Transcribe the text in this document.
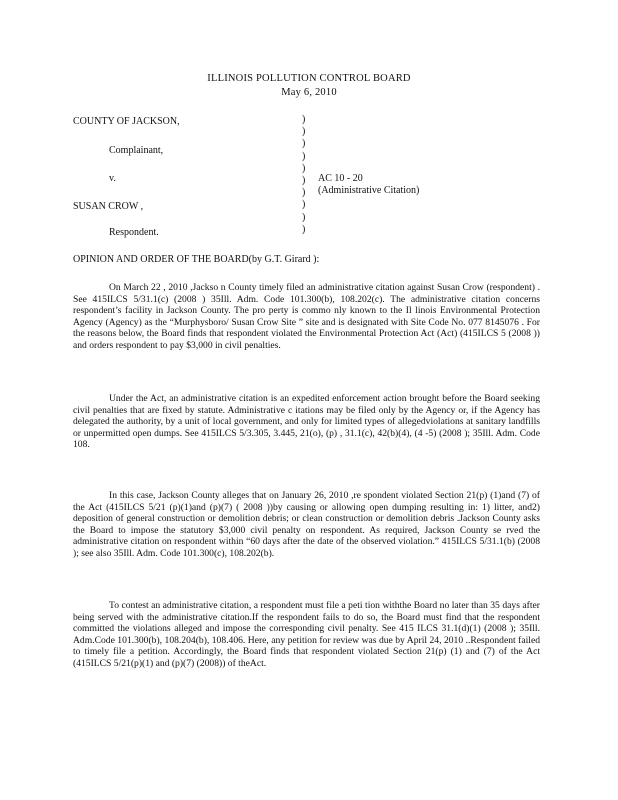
ILLINOIS POLLUTION CONTROL BOARD
May 6, 2010
COUNTY OF JACKSON,
Complainant,
v.
SUSAN CROW ,
Respondent.
)
)
)
)
)
)
)
)
)
)
AC 10 - 20
(Administrative Citation)
OPINION AND ORDER OF THE BOARD(by G.T. Girard ):
On March 22 , 2010 ,Jackso n County timely filed an administrative citation against Susan Crow (respondent) . See 415ILCS 5/31.1(c) (2008 ) 35Ill. Adm. Code 101.300(b), 108.202(c). The administrative citation concerns respondent’s facility in Jackson County. The pro perty is commo nly known to the Il linois Environmental Protection Agency (Agency) as the “Murphysboro/ Susan Crow Site ” site and is designated with Site Code No. 077 8145076 . For the reasons below, the Board finds that respondent violated the Environmental Protection Act (Act) (415ILCS 5 (2008 )) and orders respondent to pay $3,000 in civil penalties.
Under the Act, an administrative citation is an expedited enforcement action brought before the Board seeking civil penalties that are fixed by statute. Administrative c itations may be filed only by the Agency or, if the Agency has delegated the authority, by a unit of local government, and only for limited types of allegedviolations at sanitary landfills or unpermitted open dumps. See 415ILCS 5/3.305, 3.445, 21(o), (p) , 31.1(c), 42(b)(4), (4 -5) (2008 ); 35Ill. Adm. Code 108.
In this case, Jackson County alleges that on January 26, 2010 ,re spondent violated Section 21(p) (1)and (7) of the Act (415ILCS 5/21 (p)(1)and (p)(7) ( 2008 ))by causing or allowing open dumping resulting in: 1) litter, and2) deposition of general construction or demolition debris; or clean construction or demolition debris .Jackson County asks the Board to impose the statutory $3,000 civil penalty on respondent. As required, Jackson County se rved the administrative citation on respondent within “60 days after the date of the observed violation.” 415ILCS 5/31.1(b) (2008 ); see also 35Ill. Adm. Code 101.300(c), 108.202(b).
To contest an administrative citation, a respondent must file a peti tion withthe Board no later than 35 days after being served with the administrative citation.If the respondent fails to do so, the Board must find that the respondent committed the violations alleged and impose the corresponding civil penalty. See 415 ILCS 31.1(d)(1) (2008 ); 35Ill. Adm.Code 101.300(b), 108.204(b), 108.406. Here, any petition for review was due by April 24, 2010 ..Respondent failed to timely file a petition. Accordingly, the Board finds that respondent violated Section 21(p) (1) and (7) of the Act (415ILCS 5/21(p)(1) and (p)(7) (2008)) of theAct.
